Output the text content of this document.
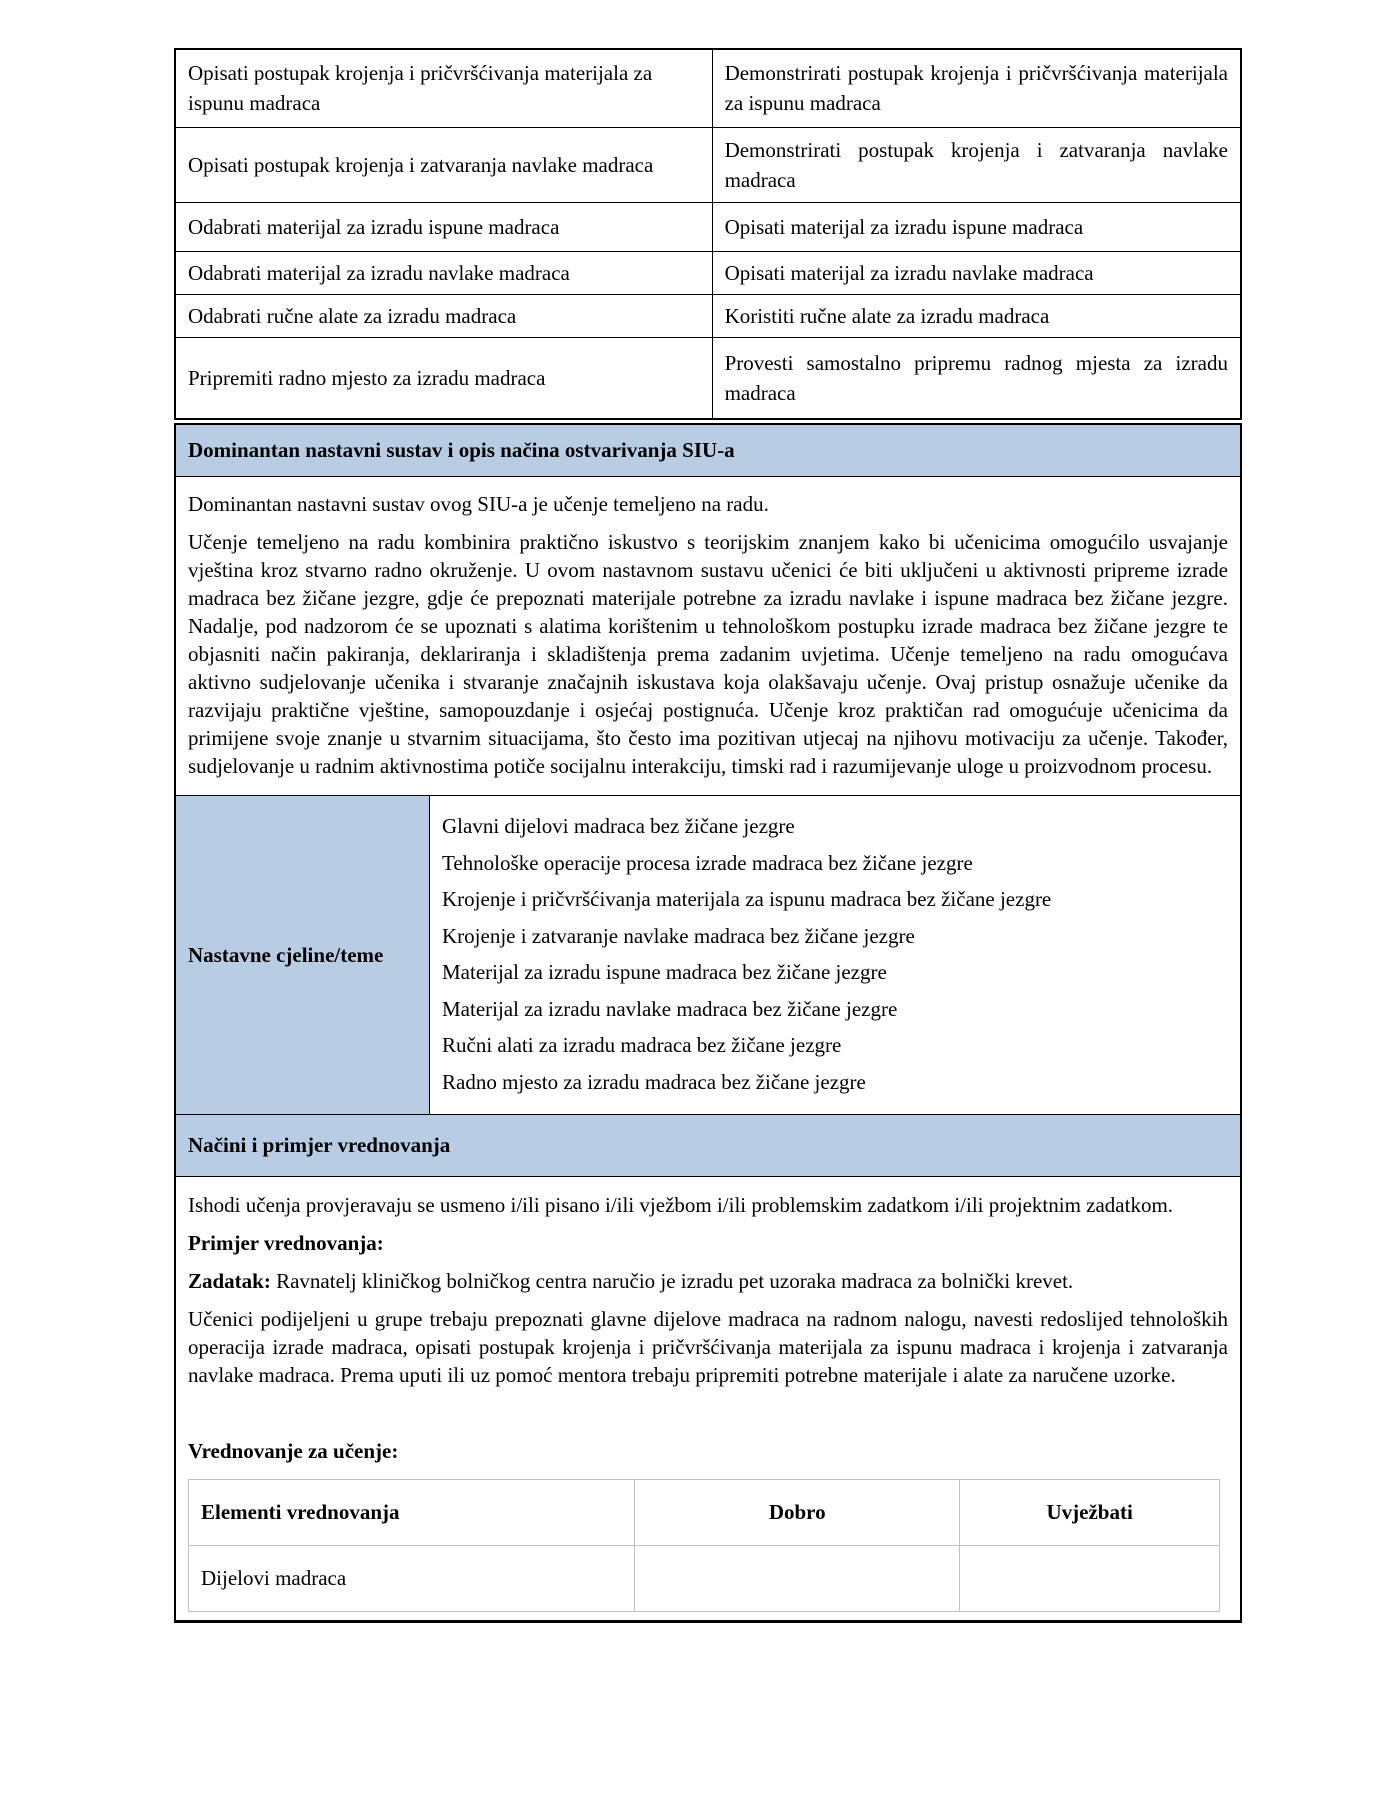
Opisati postupak krojenja i pričvršćivanja materijala za ispunu madraca	Demonstrirati postupak krojenja i pričvršćivanja materijala za ispunu madraca
Opisati postupak krojenja i zatvaranja navlake madraca	Demonstrirati postupak krojenja i zatvaranja navlake madraca
Odabrati materijal za izradu ispune madraca	Opisati materijal za izradu ispune madraca
Odabrati materijal za izradu navlake madraca	Opisati materijal za izradu navlake madraca
Odabrati ručne alate za izradu madraca	Koristiti ručne alate za izradu madraca
Pripremiti radno mjesto za izradu madraca	Provesti samostalno pripremu radnog mjesta za izradu madraca
Dominantan nastavni sustav i opis načina ostvarivanja SIU-a

Dominantan nastavni sustav ovog SIU-a je učenje temeljeno na radu.

Učenje temeljeno na radu kombinira praktično iskustvo s teorijskim znanjem kako bi učenicima omogućilo usvajanje vještina kroz stvarno radno okruženje. U ovom nastavnom sustavu učenici će biti uključeni u aktivnosti pripreme izrade madraca bez žičane jezgre, gdje će prepoznati materijale potrebne za izradu navlake i ispune madraca bez žičane jezgre. Nadalje, pod nadzorom će se upoznati s alatima korištenim u tehnološkom postupku izrade madraca bez žičane jezgre te objasniti način pakiranja, deklariranja i skladištenja prema zadanim uvjetima. Učenje temeljeno na radu omogućava aktivno sudjelovanje učenika i stvaranje značajnih iskustava koja olakšavaju učenje. Ovaj pristup osnažuje učenike da razvijaju praktične vještine, samopouzdanje i osjećaj postignuća. Učenje kroz praktičan rad omogućuje učenicima da primijene svoje znanje u stvarnim situacijama, što često ima pozitivan utjecaj na njihovu motivaciju za učenje. Također, sudjelovanje u radnim aktivnostima potiče socijalnu interakciju, timski rad i razumijevanje uloge u proizvodnom procesu.

Nastavne cjeline/teme
Glavni dijelovi madraca bez žičane jezgre
Tehnološke operacije procesa izrade madraca bez žičane jezgre
Krojenje i pričvršćivanja materijala za ispunu madraca bez žičane jezgre
Krojenje i zatvaranje navlake madraca bez žičane jezgre
Materijal za izradu ispune madraca bez žičane jezgre
Materijal za izradu navlake madraca bez žičane jezgre
Ručni alati za izradu madraca bez žičane jezgre
Radno mjesto za izradu madraca bez žičane jezgre
Načini i primjer vrednovanja

Ishodi učenja provjeravaju se usmeno i/ili pisano i/ili vježbom i/ili problemskim zadatkom i/ili projektnim zadatkom.

Primjer vrednovanja:

Zadatak: Ravnatelj kliničkog bolničkog centra naručio je izradu pet uzoraka madraca za bolnički krevet.

Učenici podijeljeni u grupe trebaju prepoznati glavne dijelove madraca na radnom nalogu, navesti redoslijed tehnoloških operacija izrade madraca, opisati postupak krojenja i pričvršćivanja materijala za ispunu madraca i krojenja i zatvaranja navlake madraca. Prema uputi ili uz pomoć mentora trebaju pripremiti potrebne materijale i alate za naručene uzorke.

Vrednovanje za učenje:

Elementi vrednovanja	Dobro	Uvježbati
Dijelovi madraca		
